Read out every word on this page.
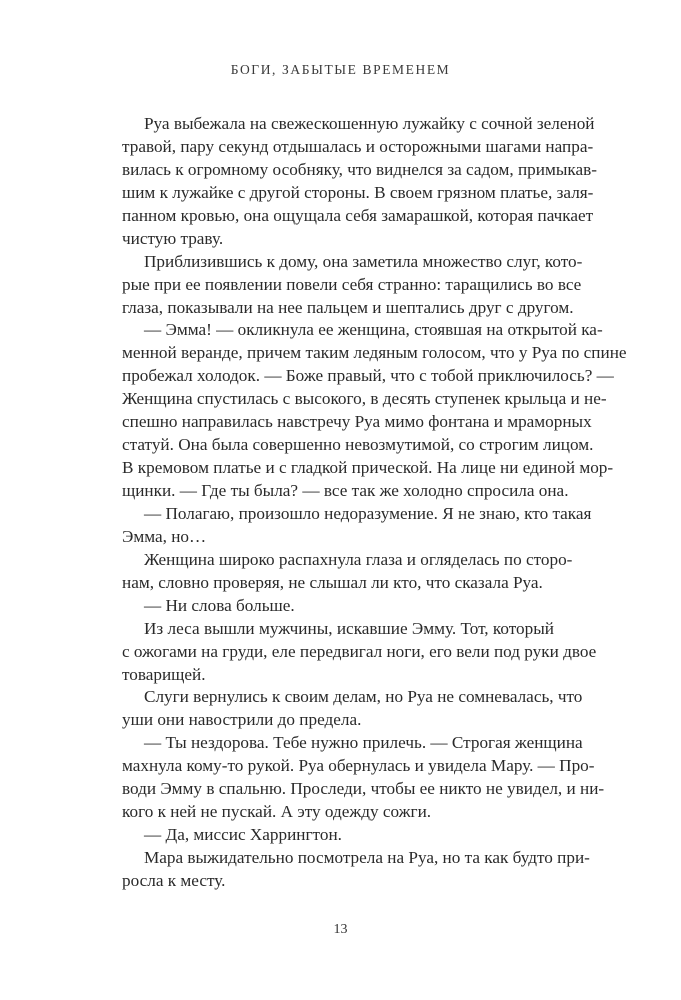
БОГИ, ЗАБЫТЫЕ ВРЕМЕНЕМ
Руа выбежала на свежескошенную лужайку с сочной зеленой
травой, пару секунд отдышалась и осторожными шагами напра-
вилась к огромному особняку, что виднелся за садом, примыкав-
шим к лужайке с другой стороны. В своем грязном платье, заля-
панном кровью, она ощущала себя замарашкой, которая пачкает
чистую траву.
Приблизившись к дому, она заметила множество слуг, кото-
рые при ее появлении повели себя странно: таращились во все
глаза, показывали на нее пальцем и шептались друг с другом.
— Эмма! — окликнула ее женщина, стоявшая на открытой ка-
менной веранде, причем таким ледяным голосом, что у Руа по спине
пробежал холодок. — Боже правый, что с тобой приключилось? —
Женщина спустилась с высокого, в десять ступенек крыльца и не-
спешно направилась навстречу Руа мимо фонтана и мраморных
статуй. Она была совершенно невозмутимой, со строгим лицом.
В кремовом платье и с гладкой прической. На лице ни единой мор-
щинки. — Где ты была? — все так же холодно спросила она.
— Полагаю, произошло недоразумение. Я не знаю, кто такая
Эмма, но…
Женщина широко распахнула глаза и огляделась по сторо-
нам, словно проверяя, не слышал ли кто, что сказала Руа.
— Ни слова больше.
Из леса вышли мужчины, искавшие Эмму. Тот, который
с ожогами на груди, еле передвигал ноги, его вели под руки двое
товарищей.
Слуги вернулись к своим делам, но Руа не сомневалась, что
уши они навострили до предела.
— Ты нездорова. Тебе нужно прилечь. — Строгая женщина
махнула кому-то рукой. Руа обернулась и увидела Мару. — Про-
води Эмму в спальню. Проследи, чтобы ее никто не увидел, и ни-
кого к ней не пускай. А эту одежду сожги.
— Да, миссис Харрингтон.
Мара выжидательно посмотрела на Руа, но та как будто при-
росла к месту.
13
